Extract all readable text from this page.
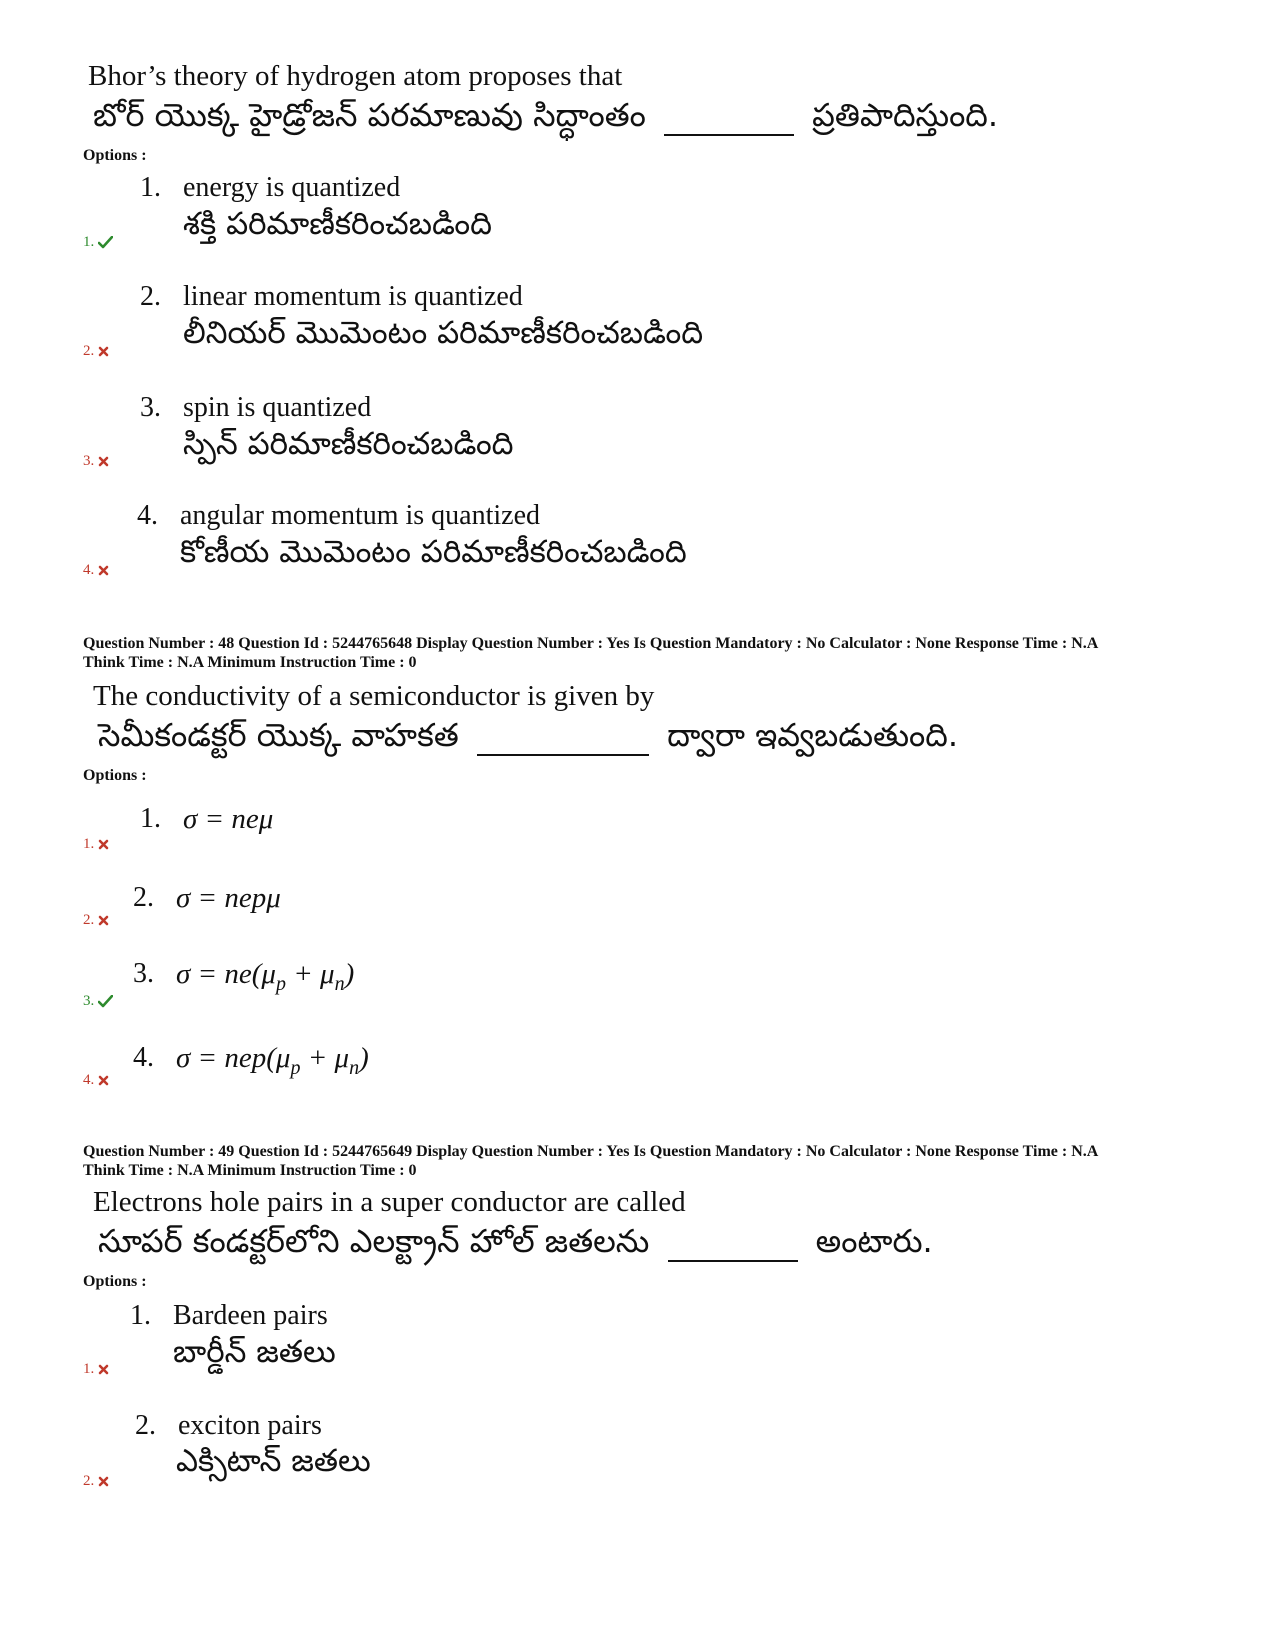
Bhor’s theory of hydrogen atom proposes that
బోర్ యొక్క హైడ్రోజన్ పరమాణువు సిద్ధాంతం	ప్రతిపాదిస్తుంది.
Options :
1. energy is quantized
శక్తి పరిమాణీకరించబడింది
1.
2. linear momentum is quantized
లీనియర్ మొమెంటం పరిమాణీకరించబడింది
2.
3. spin is quantized
స్పిన్ పరిమాణీకరించబడింది
3.
4. angular momentum is quantized
కోణీయ మొమెంటం పరిమాణీకరించబడింది
4.
Question Number : 48 Question Id : 5244765648 Display Question Number : Yes Is Question Mandatory : No Calculator : None Response Time : N.A
Think Time : N.A Minimum Instruction Time : 0
The conductivity of a semiconductor is given by
సెమీకండక్టర్ యొక్క వాహకత	ద్వారా ఇవ్వబడుతుంది.
Options :
1. σ = neμ
1.
2. σ = nepμ
2.
3. $\sigma = ne(\mu_p + \mu_n)$
3.
4. $\sigma = nep(\mu_p + \mu_n)$
4.
Question Number : 49 Question Id : 5244765649 Display Question Number : Yes Is Question Mandatory : No Calculator : None Response Time : N.A
Think Time : N.A Minimum Instruction Time : 0
Electrons hole pairs in a super conductor are called
సూపర్ కండక్టర్‌లోని ఎలక్ట్రాన్ హోల్ జతలను	అంటారు.
Options :
1. Bardeen pairs
బార్డీన్ జతలు
1.
2. exciton pairs
ఎక్సిటాన్ జతలు
2.
